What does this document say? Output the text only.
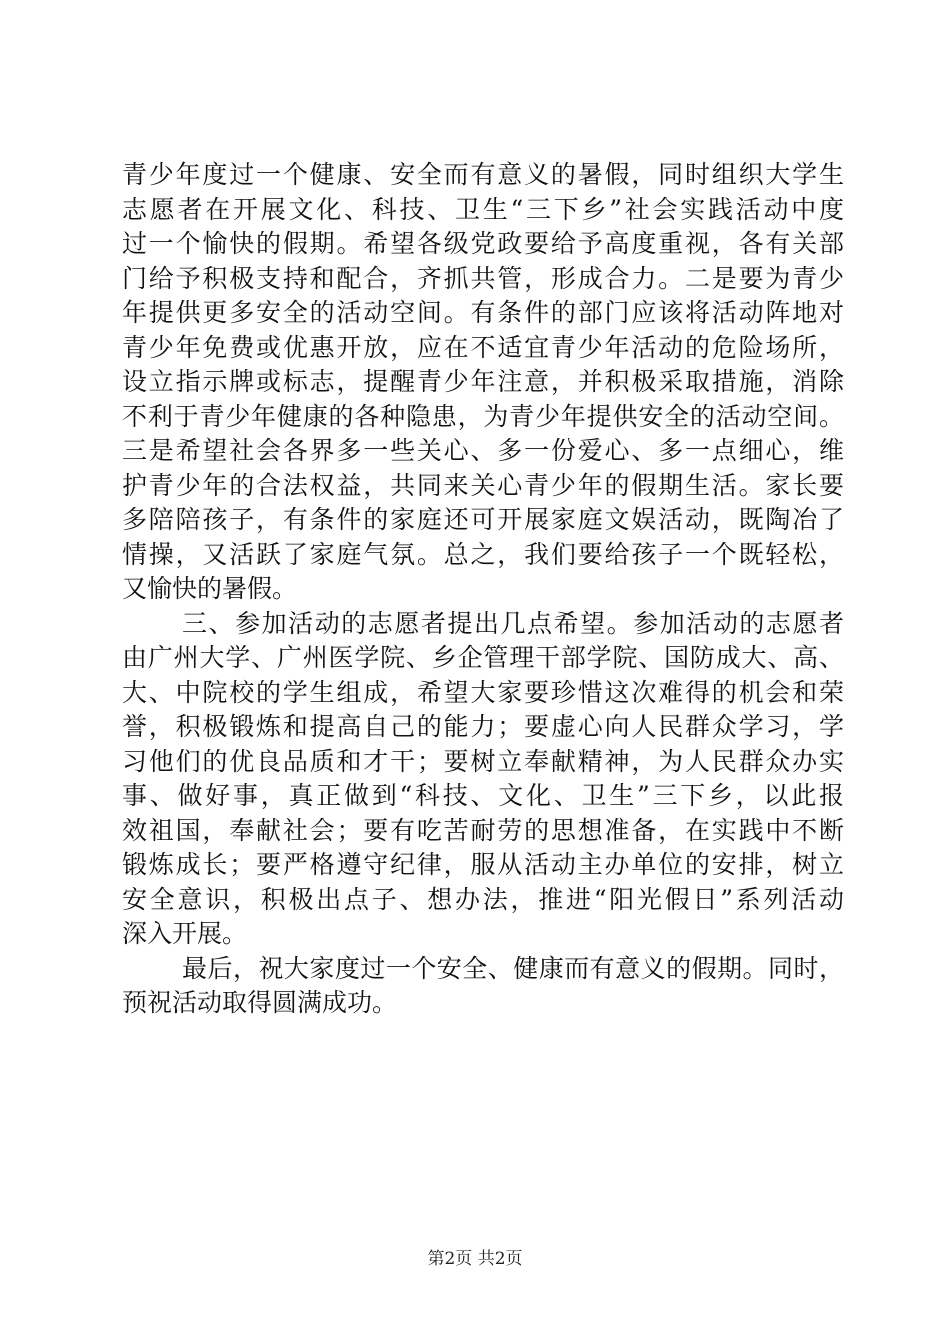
青少年度过一个健康、安全而有意义的暑假，同时组织大学生
志愿者在开展文化、科技、卫生“三下乡”社会实践活动中度
过一个愉快的假期。希望各级党政要给予高度重视，各有关部
门给予积极支持和配合，齐抓共管，形成合力。二是要为青少
年提供更多安全的活动空间。有条件的部门应该将活动阵地对
青少年免费或优惠开放，应在不适宜青少年活动的危险场所，
设立指示牌或标志，提醒青少年注意，并积极采取措施，消除
不利于青少年健康的各种隐患，为青少年提供安全的活动空间。
三是希望社会各界多一些关心、多一份爱心、多一点细心，维
护青少年的合法权益，共同来关心青少年的假期生活。家长要
多陪陪孩子，有条件的家庭还可开展家庭文娱活动，既陶冶了
情操，又活跃了家庭气氛。总之，我们要给孩子一个既轻松，
又愉快的暑假。
三、参加活动的志愿者提出几点希望。参加活动的志愿者
由广州大学、广州医学院、乡企管理干部学院、国防成大、高、
大、中院校的学生组成，希望大家要珍惜这次难得的机会和荣
誉，积极锻炼和提高自己的能力；要虚心向人民群众学习，学
习他们的优良品质和才干；要树立奉献精神，为人民群众办实
事、做好事，真正做到“科技、文化、卫生”三下乡，以此报
效祖国，奉献社会；要有吃苦耐劳的思想准备，在实践中不断
锻炼成长；要严格遵守纪律，服从活动主办单位的安排，树立
安全意识，积极出点子、想办法，推进“阳光假日”系列活动
深入开展。
最后，祝大家度过一个安全、健康而有意义的假期。同时，
预祝活动取得圆满成功。
第2页 共2页
